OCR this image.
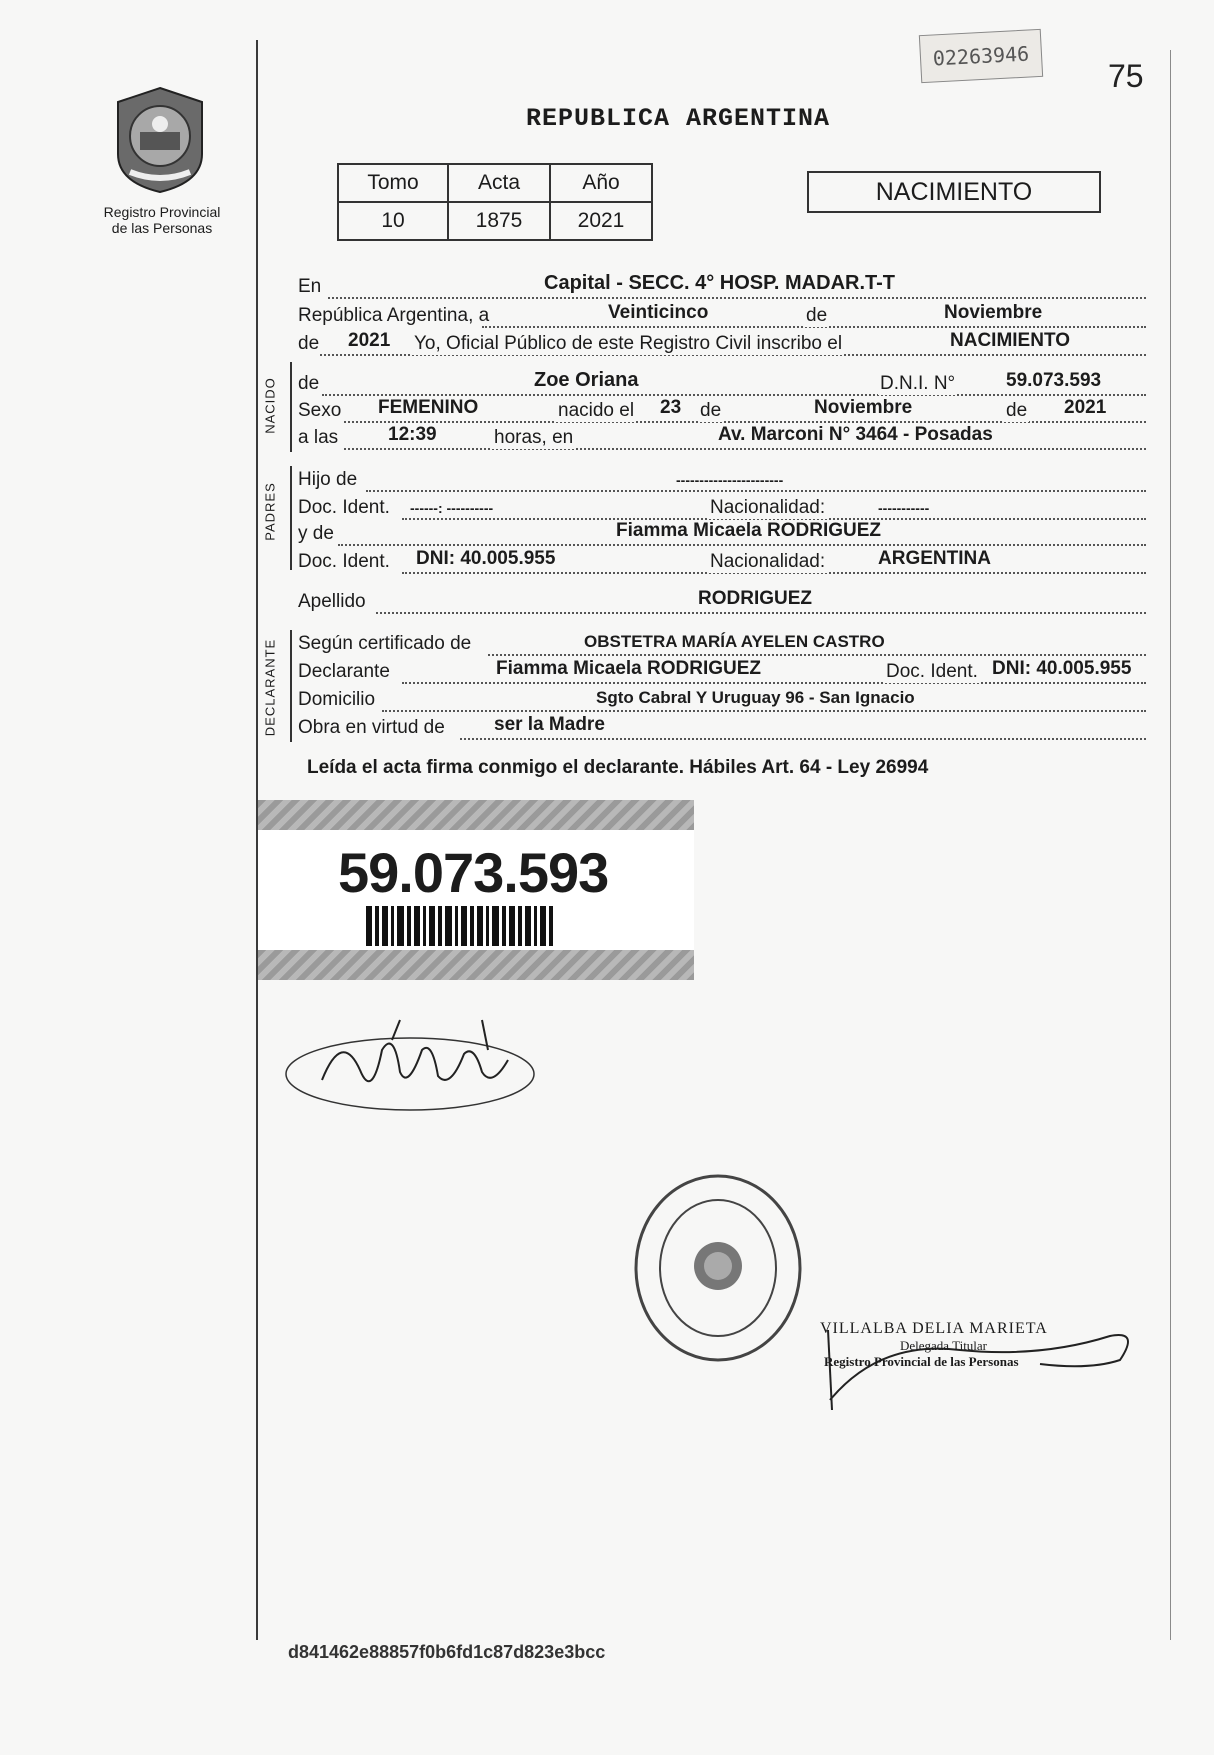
02263946
75
REPUBLICA ARGENTINA
Registro Provincial
de las Personas
Tomo	Acta	Año
10	1875	2021
NACIMIENTO
En	Capital - SECC. 4° HOSP. MADAR.T-T
República Argentina, a	Veinticinco	de	Noviembre
de 2021 Yo, Oficial Público de este Registro Civil inscribo el	NACIMIENTO
NACIDO de	Zoe Oriana	D.N.I. N°	59.073.593
Sexo FEMENINO	nacido el 23 de	Noviembre	de 2021
a las	12:39	horas, en	Av. Marconi N° 3464 - Posadas
PADRES
Hijo de	-----------------------
Doc. Ident. ------: ----------	Nacionalidad:	-----------
y de	Fiamma Micaela RODRIGUEZ
Doc. Ident. DNI: 40.005.955	Nacionalidad:	ARGENTINA
Apellido	RODRIGUEZ
DECLARANTE Según certificado de	OBSTETRA MARÍA AYELEN CASTRO
Declarante	Fiamma Micaela RODRIGUEZ	Doc. Ident. DNI: 40.005.955
Domicilio	Sgto Cabral Y Uruguay 96 - San Ignacio
Obra en virtud de	ser la Madre
Leída el acta firma conmigo el declarante. Hábiles Art. 64 - Ley 26994
59.073.593
VILLALBA DELIA MARIETA
Delegada Titular
Registro Provincial de las Personas
d841462e88857f0b6fd1c87d823e3bcc
